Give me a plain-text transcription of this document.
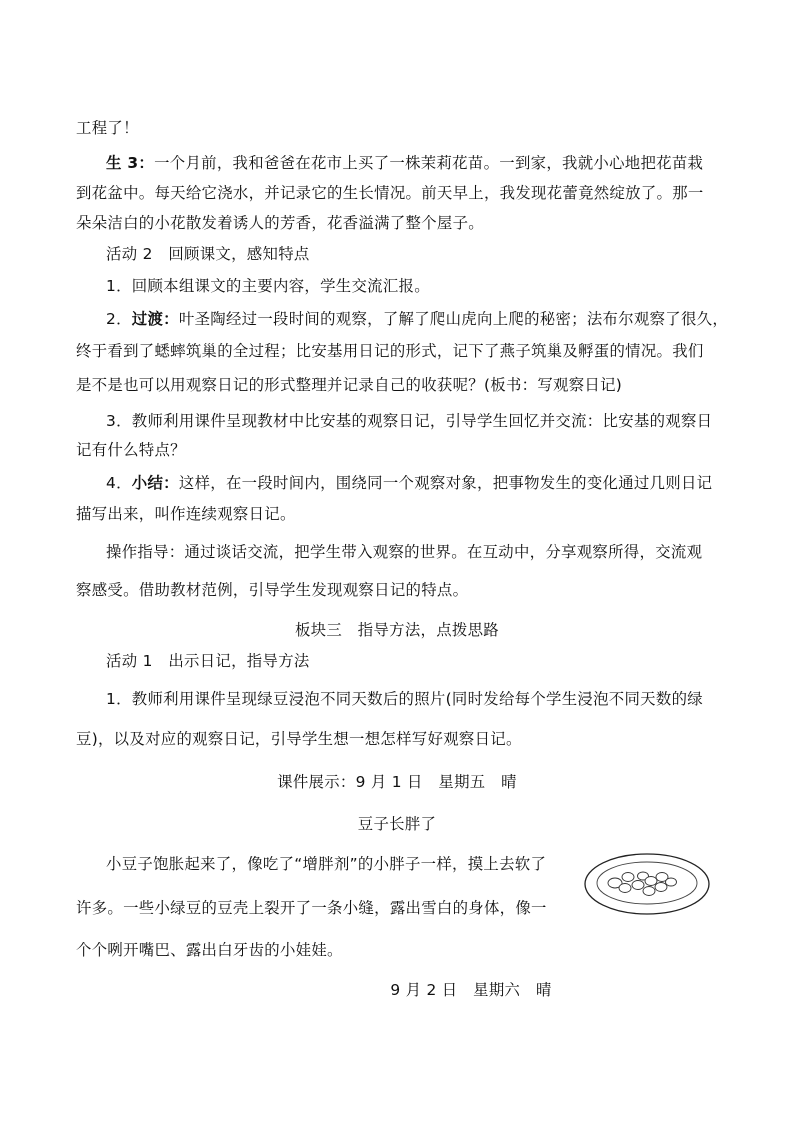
工程了！
生 3：一个月前，我和爸爸在花市上买了一株茉莉花苗。一到家，我就小心地把花苗栽
到花盆中。每天给它浇水，并记录它的生长情况。前天早上，我发现花蕾竟然绽放了。那一
朵朵洁白的小花散发着诱人的芳香，花香溢满了整个屋子。
活动 2　回顾课文，感知特点
1．回顾本组课文的主要内容，学生交流汇报。
2．过渡：叶圣陶经过一段时间的观察，了解了爬山虎向上爬的秘密；法布尔观察了很久，
终于看到了蟋蟀筑巢的全过程；比安基用日记的形式，记下了燕子筑巢及孵蛋的情况。我们
是不是也可以用观察日记的形式整理并记录自己的收获呢？(板书：写观察日记)
3．教师利用课件呈现教材中比安基的观察日记，引导学生回忆并交流：比安基的观察日
记有什么特点？
4．小结：这样，在一段时间内，围绕同一个观察对象，把事物发生的变化通过几则日记
描写出来，叫作连续观察日记。
操作指导：通过谈话交流，把学生带入观察的世界。在互动中，分享观察所得，交流观
察感受。借助教材范例，引导学生发现观察日记的特点。
板块三　指导方法，点拨思路
活动 1　出示日记，指导方法
1．教师利用课件呈现绿豆浸泡不同天数后的照片(同时发给每个学生浸泡不同天数的绿
豆)，以及对应的观察日记，引导学生想一想怎样写好观察日记。
课件展示：9 月 1 日　星期五　晴
豆子长胖了
小豆子饱胀起来了，像吃了“增胖剂”的小胖子一样，摸上去软了
许多。一些小绿豆的豆壳上裂开了一条小缝，露出雪白的身体，像一
个个咧开嘴巴、露出白牙齿的小娃娃。
9 月 2 日　星期六　晴
